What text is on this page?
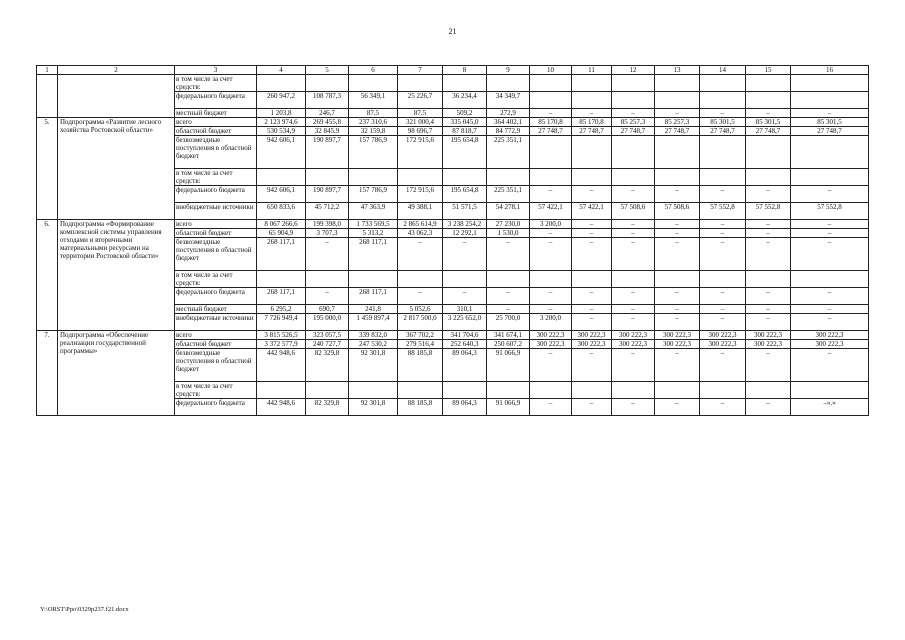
21
1	2	3	4	5	6	7	8	9	10	11	12	13	14	15	16
		в том числе за счет средств:													
		федерального бюджета	260 947,2	108 787,3	56 349,1	25 226,7	36 234,4	34 349,7							
		местный бюджет	1 203,8	246,7	87,5	87,5	509,2	272,9	–	–	–	–	–	–	–
5.	Подпрограмма «Развитие лесного хозяйства Ростовской области»	всего	2 123 974,6	269 455,8	237 310,6	321 000,4	335 045,0	364 402,1	85 170,8	85 170,8	85 257,3	85 257,3	85 301,5	85 301,5	85 301,5
		областной бюджет	530 534,9	32 845,9	32 159,8	98 696,7	87 818,7	84 772,9	27 748,7	27 748,7	27 748,7	27 748,7	27 748,7	27 748,7	27 748,7
		безвозмездные поступления в областной бюджет	942 606,1	190 897,7	157 786,9	172 915,6	195 654,8	225 351,1							
		в том числе за счет средств:													
		федерального бюджета	942 606,1	190 897,7	157 786,9	172 915,6	195 654,8	225 351,1	–	–	–	–	–	–	–
		внебюджетные источники	650 833,6	45 712,2	47 363,9	49 388,1	51 571,5	54 278,1	57 422,1	57 422,1	57 508,6	57 508,6	57 552,8	57 552,8	57 552,8
6.	Подпрограмма «Формирование комплексной системы управления отходами и вторичными материальными ресурсами на территории Ростовской области»	всего	8 067 266,6	199 398,0	1 733 569,5	2 865 614,9	3 238 254,2	27 230,0	3 200,0	–	–	–	–	–	–
		областной бюджет	65 904,9	3 707,3	5 313,2	43 062,3	12 292,1	1 530,0	–	–	–	–	–	–	–
		безвозмездные поступления в областной бюджет	268 117,1	–	268 117,1	–	–	–	–	–	–	–	–	–	–
		в том числе за счет средств:													
		федерального бюджета	268 117,1	–	268 117,1	–	–	–	–	–	–	–	–	–	–
		местный бюджет	6 295,2	690,7	241,8	5 052,6	310,1	–	–	–	–	–	–	–	–
		внебюджетные источники	7 726 949,4	195 000,0	1 459 897,4	2 817 500,0	3 225 652,0	25 700,0	3 200,0	–	–	–	–	–	–
7.	Подпрограмма «Обеспечение реализации государственной программы»	всего	3 815 526,5	323 057,5	339 832,0	367 702,2	341 704,6	341 674,1	300 222,3	300 222,3	300 222,3	300 222,3	300 222,3	300 222,3	300 222,3
		областной бюджет	3 372 577,9	240 727,7	247 530,2	279 516,4	252 640,3	250 607,2	300 222,3	300 222,3	300 222,3	300 222,3	300 222,3	300 222,3	300 222,3
		безвозмездные поступления в областной бюджет	442 948,6	82 329,8	92 301,8	88 185,8	89 064,3	91 066,9	–	–	–	–	–	–	–
		в том числе за счет средств:													
		федерального бюджета	442 948,6	82 329,8	92 301,8	88 185,8	89 064,3	91 066,9	–	–	–	–	–	–	–».»
Y:\ORST\Ppo\0329p237.f21.docx
